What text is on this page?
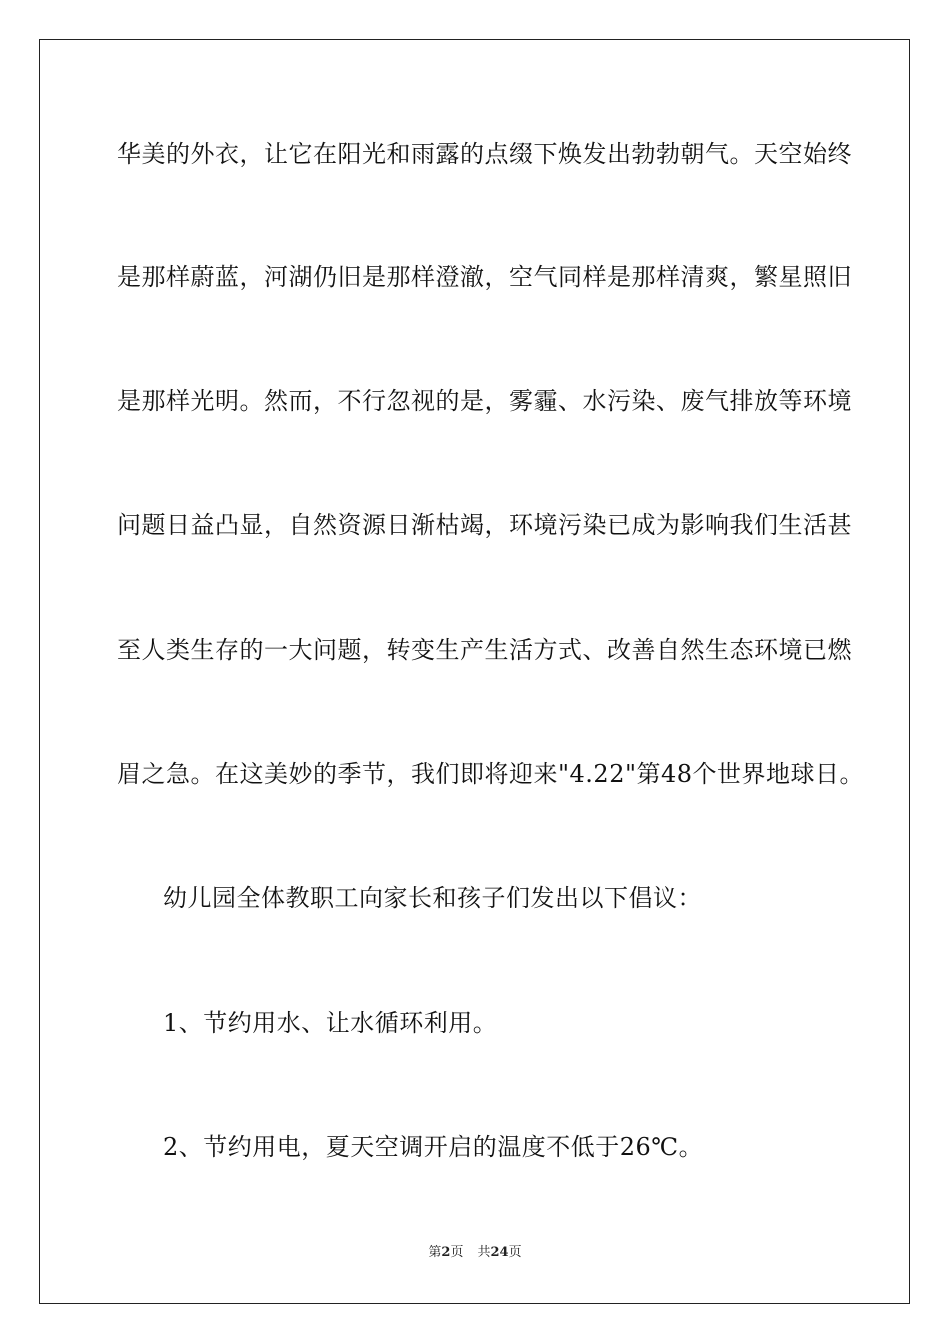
华美的外衣，让它在阳光和雨露的点缀下焕发出勃勃朝气。天空始终
是那样蔚蓝，河湖仍旧是那样澄澈，空气同样是那样清爽，繁星照旧
是那样光明。然而，不行忽视的是，雾霾、水污染、废气排放等环境
问题日益凸显，自然资源日渐枯竭，环境污染已成为影响我们生活甚
至人类生存的一大问题，转变生产生活方式、改善自然生态环境已燃
眉之急。在这美妙的季节，我们即将迎来"4.22"第48个世界地球日。
幼儿园全体教职工向家长和孩子们发出以下倡议：
1、节约用水、让水循环利用。
2、节约用电，夏天空调开启的温度不低于26℃。
第2页 共24页
